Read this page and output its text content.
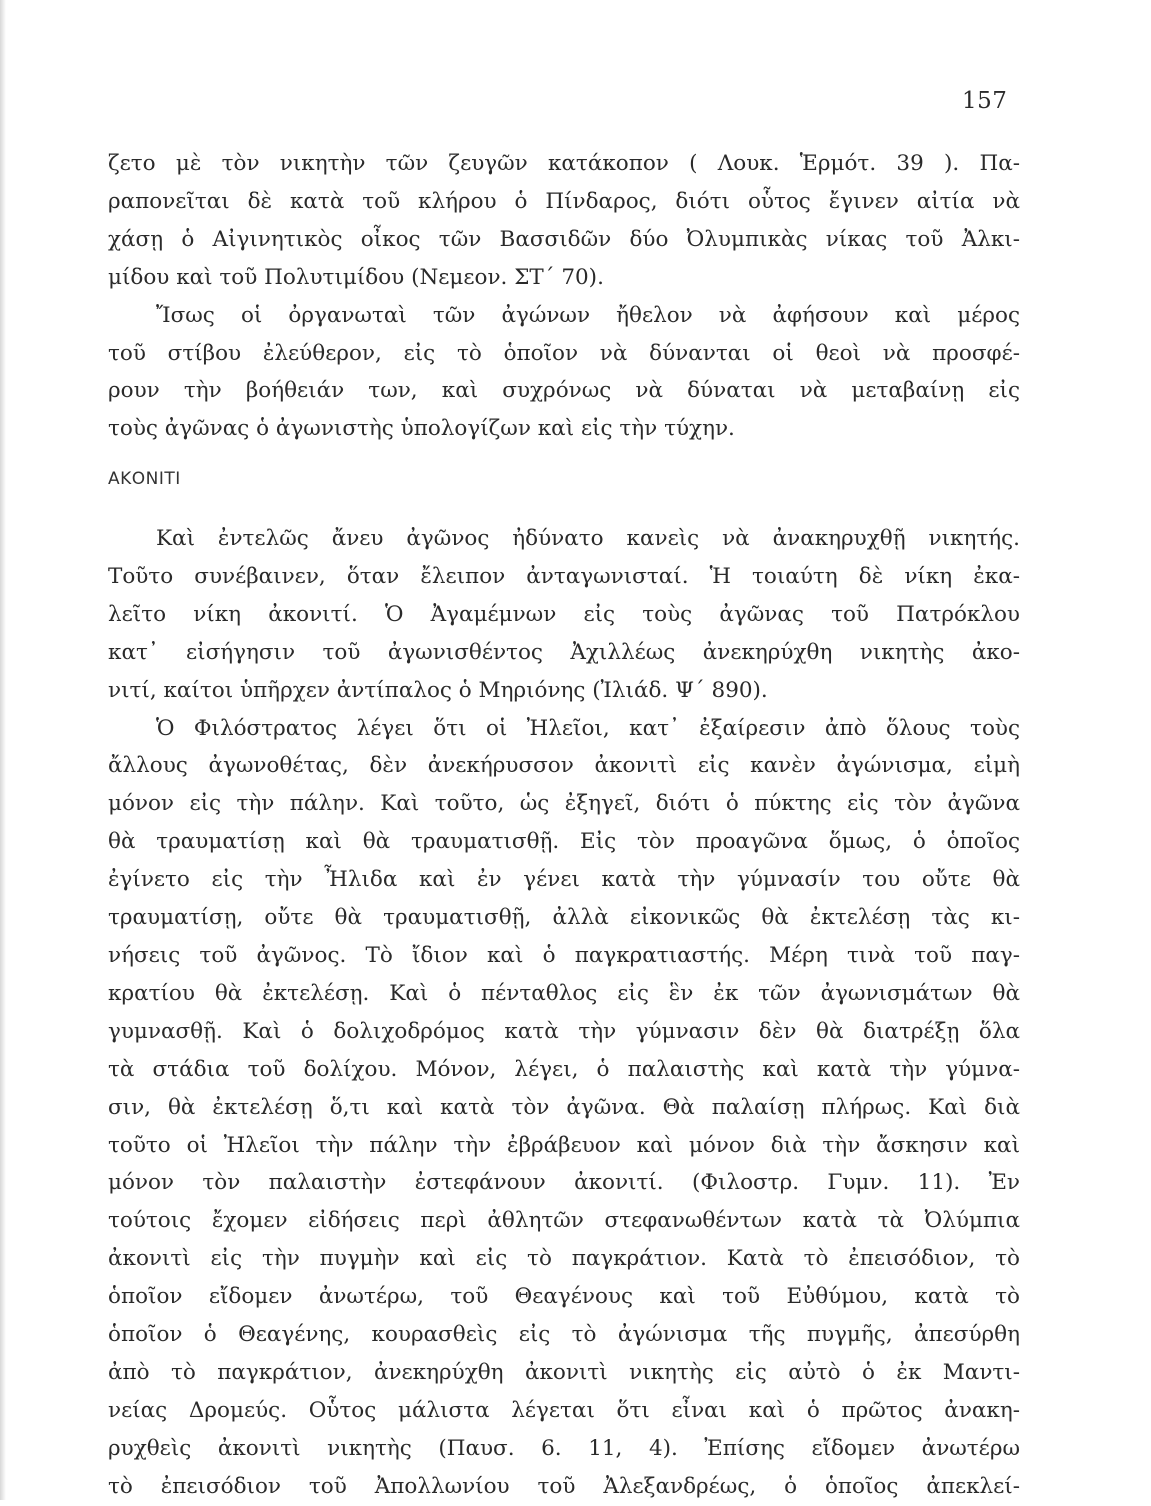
157
ζετο μὲ τὸν νικητὴν τῶν ζευγῶν κατάκοπον ( Λουκ. Ἑρμότ. 39 ). Πα-
ραπονεῖται δὲ κατὰ τοῦ κλήρου ὁ Πίνδαρος, διότι οὗτος ἔγινεν αἰτία νὰ
χάσῃ ὁ Αἰγινητικὸς οἶκος τῶν Βασσιδῶν δύο Ὀλυμπικὰς νίκας τοῦ Ἀλκι-
μίδου καὶ τοῦ Πολυτιμίδου (Νεμεον. ΣΤ΄ 70).
Ἴσως οἱ ὀργανωταὶ τῶν ἀγώνων ἤθελον νὰ ἀφήσουν καὶ μέρος
τοῦ στίβου ἐλεύθερον, εἰς τὸ ὁποῖον νὰ δύνανται οἱ θεοὶ νὰ προσφέ-
ρουν τὴν βοήθειάν των, καὶ συχρόνως νὰ δύναται νὰ μεταβαίνῃ εἰς
τοὺς ἀγῶνας ὁ ἀγωνιστὴς ὑπολογίζων καὶ εἰς τὴν τύχην.
ΑΚΟΝΙΤΙ
Καὶ ἐντελῶς ἄνευ ἀγῶνος ἠδύνατο κανεὶς νὰ ἀνακηρυχθῇ νικητής.
Τοῦτο συνέβαινεν, ὅταν ἔλειπον ἀνταγωνισταί. Ἡ τοιαύτη δὲ νίκη ἐκα-
λεῖτο νίκη ἀκονιτί. Ὁ Ἀγαμέμνων εἰς τοὺς ἀγῶνας τοῦ Πατρόκλου
κατ᾽ εἰσήγησιν τοῦ ἀγωνισθέντος Ἀχιλλέως ἀνεκηρύχθη νικητὴς ἀκο-
νιτί, καίτοι ὑπῆρχεν ἀντίπαλος ὁ Μηριόνης (Ἰλιάδ. Ψ΄ 890).
Ὁ Φιλόστρατος λέγει ὅτι οἱ Ἠλεῖοι, κατ᾽ ἐξαίρεσιν ἀπὸ ὅλους τοὺς
ἄλλους ἀγωνοθέτας, δὲν ἀνεκήρυσσον ἀκονιτὶ εἰς κανὲν ἀγώνισμα, εἰμὴ
μόνον εἰς τὴν πάλην. Καὶ τοῦτο, ὡς ἐξηγεῖ, διότι ὁ πύκτης εἰς τὸν ἀγῶνα
θὰ τραυματίσῃ καὶ θὰ τραυματισθῇ. Εἰς τὸν προαγῶνα ὅμως, ὁ ὁποῖος
ἐγίνετο εἰς τὴν Ἦλιδα καὶ ἐν γένει κατὰ τὴν γύμνασίν του οὔτε θὰ
τραυματίσῃ, οὔτε θὰ τραυματισθῇ, ἀλλὰ εἰκονικῶς θὰ ἐκτελέσῃ τὰς κι-
νήσεις τοῦ ἀγῶνος. Τὸ ἴδιον καὶ ὁ παγκρατιαστής. Μέρη τινὰ τοῦ παγ-
κρατίου θὰ ἐκτελέσῃ. Καὶ ὁ πένταθλος εἰς ἓν ἐκ τῶν ἀγωνισμάτων θὰ
γυμνασθῇ. Καὶ ὁ δολιχοδρόμος κατὰ τὴν γύμνασιν δὲν θὰ διατρέξῃ ὅλα
τὰ στάδια τοῦ δολίχου. Μόνον, λέγει, ὁ παλαιστὴς καὶ κατὰ τὴν γύμνα-
σιν, θὰ ἐκτελέσῃ ὅ,τι καὶ κατὰ τὸν ἀγῶνα. Θὰ παλαίσῃ πλήρως. Καὶ διὰ
τοῦτο οἱ Ἠλεῖοι τὴν πάλην τὴν ἐβράβευον καὶ μόνον διὰ τὴν ἄσκησιν καὶ
μόνον τὸν παλαιστὴν ἐστεφάνουν ἀκονιτί. (Φιλοστρ. Γυμν. 11). Ἐν
τούτοις ἔχομεν εἰδήσεις περὶ ἀθλητῶν στεφανωθέντων κατὰ τὰ Ὀλύμπια
ἀκονιτὶ εἰς τὴν πυγμὴν καὶ εἰς τὸ παγκράτιον. Κατὰ τὸ ἐπεισόδιον, τὸ
ὁποῖον εἴδομεν ἀνωτέρω, τοῦ Θεαγένους καὶ τοῦ Εὐθύμου, κατὰ τὸ
ὁποῖον ὁ Θεαγένης, κουρασθεὶς εἰς τὸ ἀγώνισμα τῆς πυγμῆς, ἀπεσύρθη
ἀπὸ τὸ παγκράτιον, ἀνεκηρύχθη ἀκονιτὶ νικητὴς εἰς αὐτὸ ὁ ἐκ Μαντι-
νείας Δρομεύς. Οὗτος μάλιστα λέγεται ὅτι εἶναι καὶ ὁ πρῶτος ἀνακη-
ρυχθεὶς ἀκονιτὶ νικητὴς (Παυσ. 6. 11, 4). Ἐπίσης εἴδομεν ἀνωτέρω
τὸ ἐπεισόδιον τοῦ Ἀπολλωνίου τοῦ Ἀλεξανδρέως, ὁ ὁποῖος ἀπεκλεί-
